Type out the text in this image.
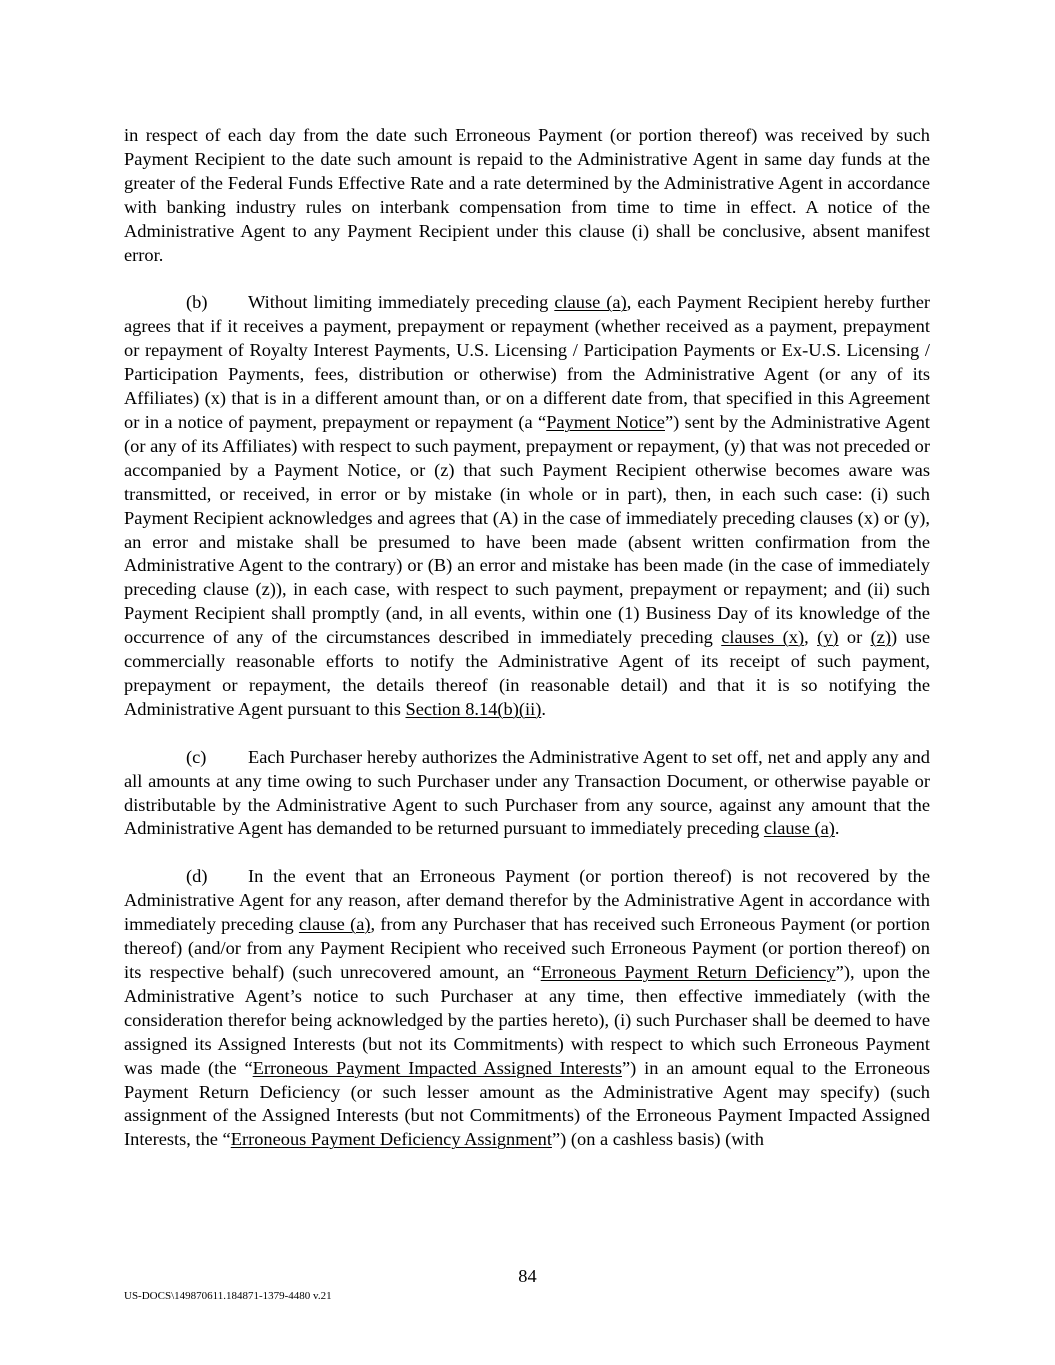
in respect of each day from the date such Erroneous Payment (or portion thereof) was received by such Payment Recipient to the date such amount is repaid to the Administrative Agent in same day funds at the greater of the Federal Funds Effective Rate and a rate determined by the Administrative Agent in accordance with banking industry rules on interbank compensation from time to time in effect. A notice of the Administrative Agent to any Payment Recipient under this clause (i) shall be conclusive, absent manifest error.

(b) Without limiting immediately preceding clause (a), each Payment Recipient hereby further agrees that if it receives a payment, prepayment or repayment (whether received as a payment, prepayment or repayment of Royalty Interest Payments, U.S. Licensing / Participation Payments or Ex-U.S. Licensing / Participation Payments, fees, distribution or otherwise) from the Administrative Agent (or any of its Affiliates) (x) that is in a different amount than, or on a different date from, that specified in this Agreement or in a notice of payment, prepayment or repayment (a “Payment Notice”) sent by the Administrative Agent (or any of its Affiliates) with respect to such payment, prepayment or repayment, (y) that was not preceded or accompanied by a Payment Notice, or (z) that such Payment Recipient otherwise becomes aware was transmitted, or received, in error or by mistake (in whole or in part), then, in each such case: (i) such Payment Recipient acknowledges and agrees that (A) in the case of immediately preceding clauses (x) or (y), an error and mistake shall be presumed to have been made (absent written confirmation from the Administrative Agent to the contrary) or (B) an error and mistake has been made (in the case of immediately preceding clause (z)), in each case, with respect to such payment, prepayment or repayment; and (ii) such Payment Recipient shall promptly (and, in all events, within one (1) Business Day of its knowledge of the occurrence of any of the circumstances described in immediately preceding clauses (x), (y) or (z)) use commercially reasonable efforts to notify the Administrative Agent of its receipt of such payment, prepayment or repayment, the details thereof (in reasonable detail) and that it is so notifying the Administrative Agent pursuant to this Section 8.14(b)(ii).

(c) Each Purchaser hereby authorizes the Administrative Agent to set off, net and apply any and all amounts at any time owing to such Purchaser under any Transaction Document, or otherwise payable or distributable by the Administrative Agent to such Purchaser from any source, against any amount that the Administrative Agent has demanded to be returned pursuant to immediately preceding clause (a).

(d) In the event that an Erroneous Payment (or portion thereof) is not recovered by the Administrative Agent for any reason, after demand therefor by the Administrative Agent in accordance with immediately preceding clause (a), from any Purchaser that has received such Erroneous Payment (or portion thereof) (and/or from any Payment Recipient who received such Erroneous Payment (or portion thereof) on its respective behalf) (such unrecovered amount, an “Erroneous Payment Return Deficiency”), upon the Administrative Agent’s notice to such Purchaser at any time, then effective immediately (with the consideration therefor being acknowledged by the parties hereto), (i) such Purchaser shall be deemed to have assigned its Assigned Interests (but not its Commitments) with respect to which such Erroneous Payment was made (the “Erroneous Payment Impacted Assigned Interests”) in an amount equal to the Erroneous Payment Return Deficiency (or such lesser amount as the Administrative Agent may specify) (such assignment of the Assigned Interests (but not Commitments) of the Erroneous Payment Impacted Assigned Interests, the “Erroneous Payment Deficiency Assignment”) (on a cashless basis) (with

84
US-DOCS\149870611.184871-1379-4480 v.21
